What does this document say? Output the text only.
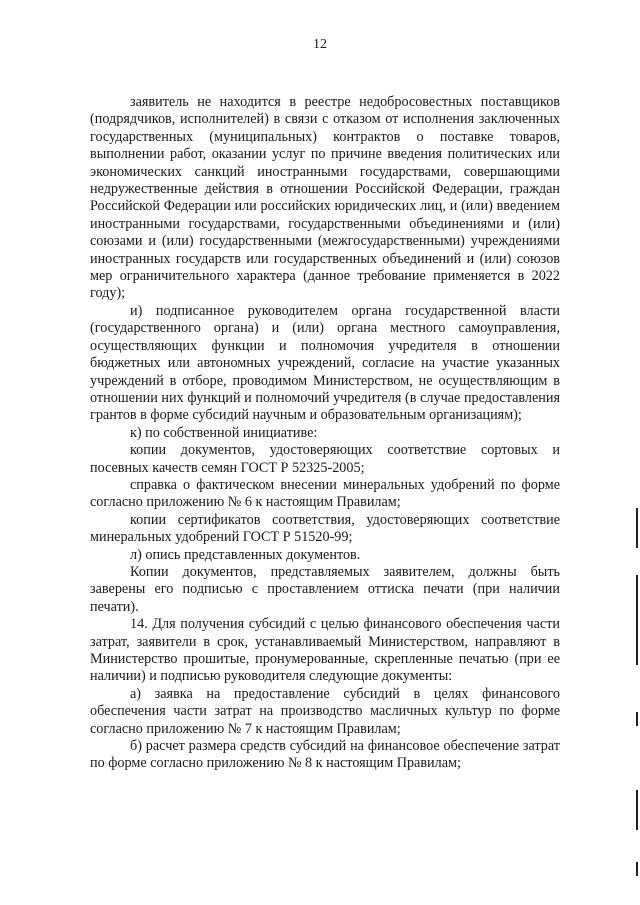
12

заявитель не находится в реестре недобросовестных поставщиков (подрядчиков, исполнителей) в связи с отказом от исполнения заключенных государственных (муниципальных) контрактов о поставке товаров, выполнении работ, оказании услуг по причине введения политических или экономических санкций иностранными государствами, совершающими недружественные действия в отношении Российской Федерации, граждан Российской Федерации или российских юридических лиц, и (или) введением иностранными государствами, государственными объединениями и (или) союзами и (или) государственными (межгосударственными) учреждениями иностранных государств или государственных объединений и (или) союзов мер ограничительного характера (данное требование применяется в 2022 году);

и) подписанное руководителем органа государственной власти (государственного органа) и (или) органа местного самоуправления, осуществляющих функции и полномочия учредителя в отношении бюджетных или автономных учреждений, согласие на участие указанных учреждений в отборе, проводимом Министерством, не осуществляющим в отношении них функций и полномочий учредителя (в случае предоставления грантов в форме субсидий научным и образовательным организациям);

к) по собственной инициативе:

копии документов, удостоверяющих соответствие сортовых и посевных качеств семян ГОСТ Р 52325-2005;

справка о фактическом внесении минеральных удобрений по форме согласно приложению № 6 к настоящим Правилам;

копии сертификатов соответствия, удостоверяющих соответствие минеральных удобрений ГОСТ Р 51520-99;

л) опись представленных документов.

Копии документов, представляемых заявителем, должны быть заверены его подписью с проставлением оттиска печати (при наличии печати).

14. Для получения субсидий с целью финансового обеспечения части затрат, заявители в срок, устанавливаемый Министерством, направляют в Министерство прошитые, пронумерованные, скрепленные печатью (при ее наличии) и подписью руководителя следующие документы:

а) заявка на предоставление субсидий в целях финансового обеспечения части затрат на производство масличных культур по форме согласно приложению № 7 к настоящим Правилам;

б) расчет размера средств субсидий на финансовое обеспечение затрат по форме согласно приложению № 8 к настоящим Правилам;
